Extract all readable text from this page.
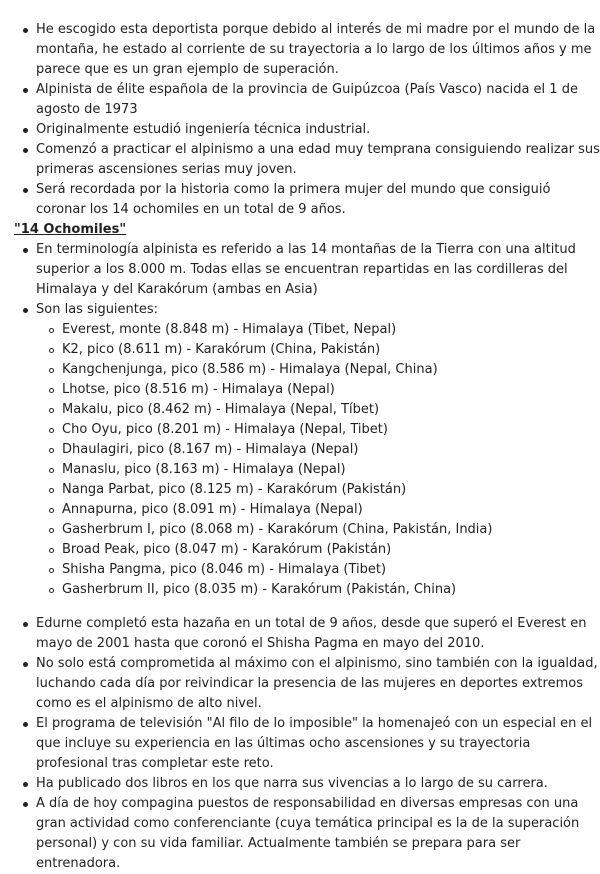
He escogido esta deportista porque debido al interés de mi madre por el mundo de la montaña, he estado al corriente de su trayectoria a lo largo de los últimos años y me parece que es un gran ejemplo de superación.
Alpinista de élite española de la provincia de Guipúzcoa (País Vasco) nacida el 1 de agosto de 1973
Originalmente estudió ingeniería técnica industrial.
Comenzó a practicar el alpinismo a una edad muy temprana consiguiendo realizar sus primeras ascensiones serias muy joven.
Será recordada por la historia como la primera mujer del mundo que consiguió coronar los 14 ochomiles en un total de 9 años.

"14 Ochomiles"

En terminología alpinista es referido a las 14 montañas de la Tierra con una altitud superior a los 8.000 m. Todas ellas se encuentran repartidas en las cordilleras del Himalaya y del Karakórum (ambas en Asia)
Son las siguientes:
Everest, monte (8.848 m) - Himalaya (Tibet, Nepal)
K2, pico (8.611 m) - Karakórum (China, Pakistán)
Kangchenjunga, pico (8.586 m) - Himalaya (Nepal, China)
Lhotse, pico (8.516 m) - Himalaya (Nepal)
Makalu, pico (8.462 m) - Himalaya (Nepal, Tíbet)
Cho Oyu, pico (8.201 m) - Himalaya (Nepal, Tibet)
Dhaulagiri, pico (8.167 m) - Himalaya (Nepal)
Manaslu, pico (8.163 m) - Himalaya (Nepal)
Nanga Parbat, pico (8.125 m) - Karakórum (Pakistán)
Annapurna, pico (8.091 m) - Himalaya (Nepal)
Gasherbrum I, pico (8.068 m) - Karakórum (China, Pakistán, India)
Broad Peak, pico (8.047 m) - Karakórum (Pakistán)
Shisha Pangma, pico (8.046 m) - Himalaya (Tibet)
Gasherbrum II, pico (8.035 m) - Karakórum (Pakistán, China)
Edurne completó esta hazaña en un total de 9 años, desde que superó el Everest en mayo de 2001 hasta que coronó el Shisha Pagma en mayo del 2010.
No solo está comprometida al máximo con el alpinismo, sino también con la igualdad, luchando cada día por reivindicar la presencia de las mujeres en deportes extremos como es el alpinismo de alto nivel.
El programa de televisión "Al filo de lo imposible" la homenajeó con un especial en el que incluye su experiencia en las últimas ocho ascensiones y su trayectoria profesional tras completar este reto.
Ha publicado dos libros en los que narra sus vivencias a lo largo de su carrera.
A día de hoy compagina puestos de responsabilidad en diversas empresas con una gran actividad como conferenciante (cuya temática principal es la de la superación personal) y con su vida familiar. Actualmente también se prepara para ser entrenadora.
